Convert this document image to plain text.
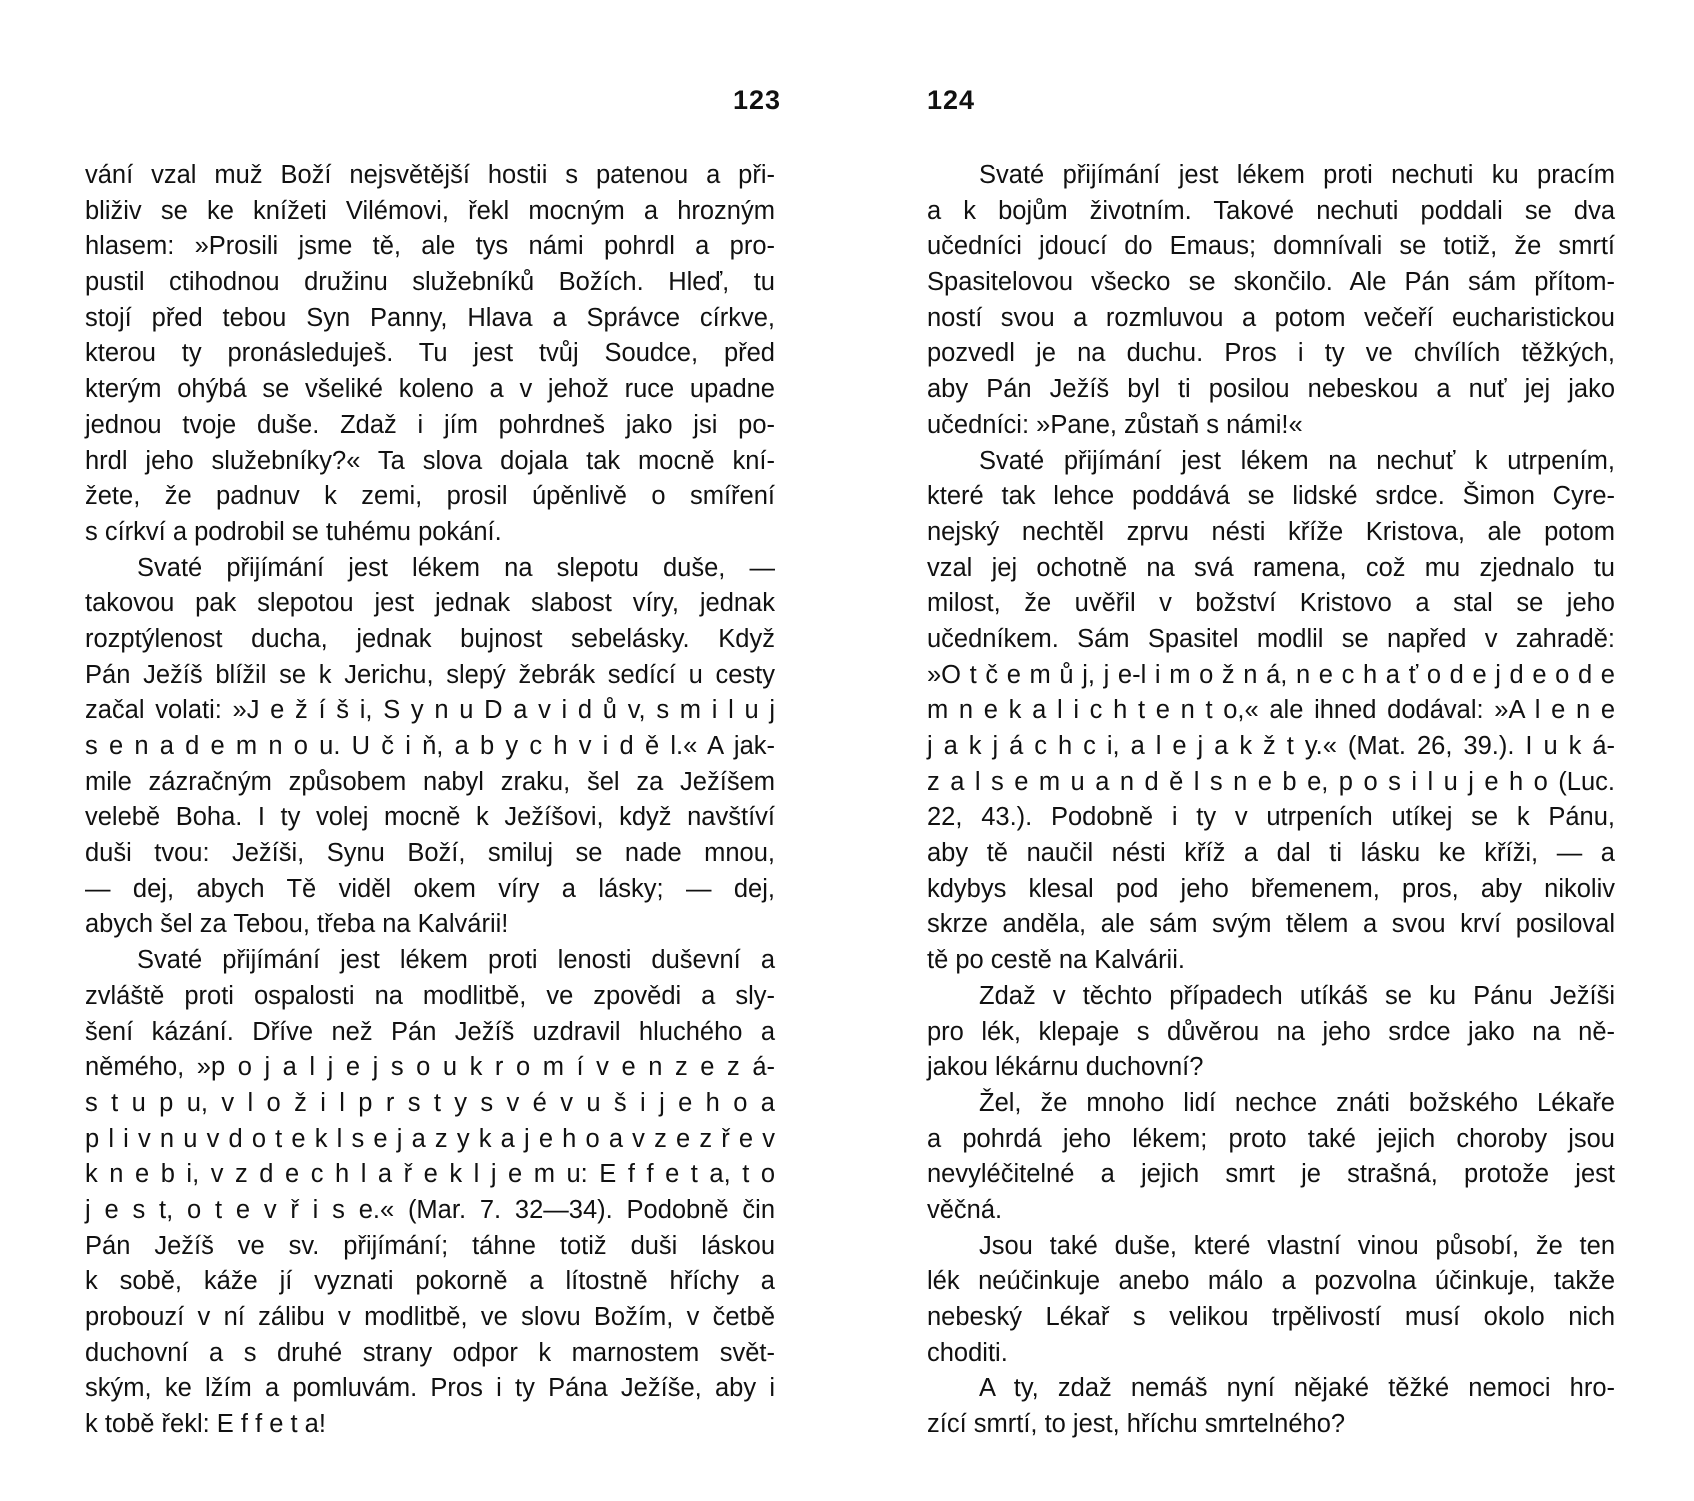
123
vání vzal muž Boží nejsvětější hostii s patenou a při-
bliživ se ke knížeti Vilémovi, řekl mocným a hrozným
hlasem: »Prosili jsme tě, ale tys námi pohrdl a pro-
pustil ctihodnou družinu služebníků Božích. Hleď, tu
stojí před tebou Syn Panny, Hlava a Správce církve,
kterou ty pronásleduješ. Tu jest tvůj Soudce, před
kterým ohýbá se všeliké koleno a v jehož ruce upadne
jednou tvoje duše. Zdaž i jím pohrdneš jako jsi po-
hrdl jeho služebníky?« Ta slova dojala tak mocně kní-
žete, že padnuv k zemi, prosil úpěnlivě o smíření
s církví a podrobil se tuhému pokání.
Svaté přijímání jest lékem na slepotu duše, —
takovou pak slepotou jest jednak slabost víry, jednak
rozptýlenost ducha, jednak bujnost sebelásky. Když
Pán Ježíš blížil se k Jerichu, slepý žebrák sedící u cesty
začal volati: »J e ž í š i, S y n u D a v i d ů v, s m i l u j
s e n a d e m n o u. U č i ň, a b y c h v i d ě l.« A jak-
mile zázračným způsobem nabyl zraku, šel za Ježíšem
velebě Boha. I ty volej mocně k Ježíšovi, když navštíví
duši tvou: Ježíši, Synu Boží, smiluj se nade mnou,
— dej, abych Tě viděl okem víry a lásky; — dej,
abych šel za Tebou, třeba na Kalvárii!
Svaté přijímání jest lékem proti lenosti duševní a
zvláště proti ospalosti na modlitbě, ve zpovědi a sly-
šení kázání. Dříve než Pán Ježíš uzdravil hluchého a
němého, »p o j a l j e j s o u k r o m í v e n z e z á-
s t u p u, v l o ž i l p r s t y s v é v u š i j e h o a
p l i v n u v d o t e k l s e j a z y k a j e h o a v z e z ř e v
k n e b i, v z d e c h l a ř e k l j e m u: E f f e t a, t o
j e s t, o t e v ř i s e.« (Mar. 7. 32—34). Podobně čin
Pán Ježíš ve sv. přijímání; táhne totiž duši láskou
k sobě, káže jí vyznati pokorně a lítostně hříchy a
probouzí v ní zálibu v modlitbě, ve slovu Božím, v četbě
duchovní a s druhé strany odpor k marnostem svět-
ským, ke lžím a pomluvám. Pros i ty Pána Ježíše, aby i
k tobě řekl: E f f e t a!
124
Svaté přijímání jest lékem proti nechuti ku pracím
a k bojům životním. Takové nechuti poddali se dva
učedníci jdoucí do Emaus; domnívali se totiž, že smrtí
Spasitelovou všecko se skončilo. Ale Pán sám přítom-
ností svou a rozmluvou a potom večeří eucharistickou
pozvedl je na duchu. Pros i ty ve chvílích těžkých,
aby Pán Ježíš byl ti posilou nebeskou a nuť jej jako
učedníci: »Pane, zůstaň s námi!«
Svaté přijímání jest lékem na nechuť k utrpením,
které tak lehce poddává se lidské srdce. Šimon Cyre-
nejský nechtěl zprvu nésti kříže Kristova, ale potom
vzal jej ochotně na svá ramena, což mu zjednalo tu
milost, že uvěřil v božství Kristovo a stal se jeho
učedníkem. Sám Spasitel modlil se napřed v zahradě:
»O t č e m ů j, j e-l i m o ž n á, n e c h a ť o d e j d e o d e
m n e k a l i c h t e n t o,« ale ihned dodával: »A l e n e
j a k j á c h c i, a l e j a k ž t y.« (Mat. 26, 39.). I u k á-
z a l s e m u a n d ě l s n e b e, p o s i l u j e h o (Luc.
22, 43.). Podobně i ty v utrpeních utíkej se k Pánu,
aby tě naučil nésti kříž a dal ti lásku ke kříži, — a
kdybys klesal pod jeho břemenem, pros, aby nikoliv
skrze anděla, ale sám svým tělem a svou krví posiloval
tě po cestě na Kalvárii.
Zdaž v těchto případech utíkáš se ku Pánu Ježíši
pro lék, klepaje s důvěrou na jeho srdce jako na ně-
jakou lékárnu duchovní?
Žel, že mnoho lidí nechce znáti božského Lékaře
a pohrdá jeho lékem; proto také jejich choroby jsou
nevyléčitelné a jejich smrt je strašná, protože jest
věčná.
Jsou také duše, které vlastní vinou působí, že ten
lék neúčinkuje anebo málo a pozvolna účinkuje, takže
nebeský Lékař s velikou trpělivostí musí okolo nich
choditi.
A ty, zdaž nemáš nyní nějaké těžké nemoci hro-
zící smrtí, to jest, hříchu smrtelného?
